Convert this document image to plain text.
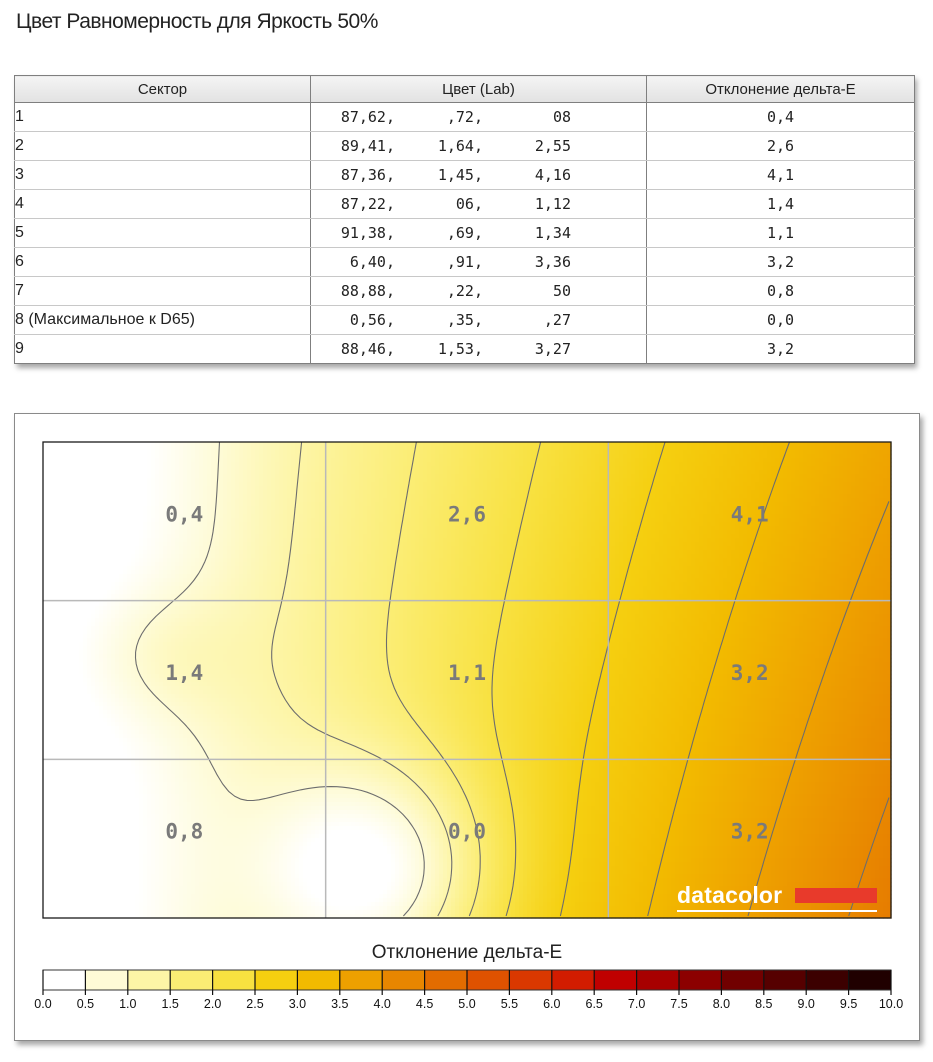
Цвет Равномерность для Яркость 50%
Сектор	Цвет (Lab)	Отклонение дельта-E
1	87,62, ,72, 08	0,4
2	89,41, 1,64, 2,55	2,6
3	87,36, 1,45, 4,16	4,1
4	87,22, 06, 1,12	1,4
5	91,38, ,69, 1,34	1,1
6	6,40, ,91, 3,36	3,2
7	88,88, ,22, 50	0,8
8 (Максимальное к D65)	0,56, ,35, ,27	0,0
9	88,46, 1,53, 3,27	3,2
0,4	2,6	4,1
1,4	1,1	3,2
0,8	0,0	3,2
0.0 0.5 1.0 1.5 2.0 2.5 3.0 3.5 4.0 4.5 5.0 5.5 6.0 6.5 7.0 7.5 8.0 8.5 9.0 9.5 10.0
Отклонение дельта-E
datacolor
